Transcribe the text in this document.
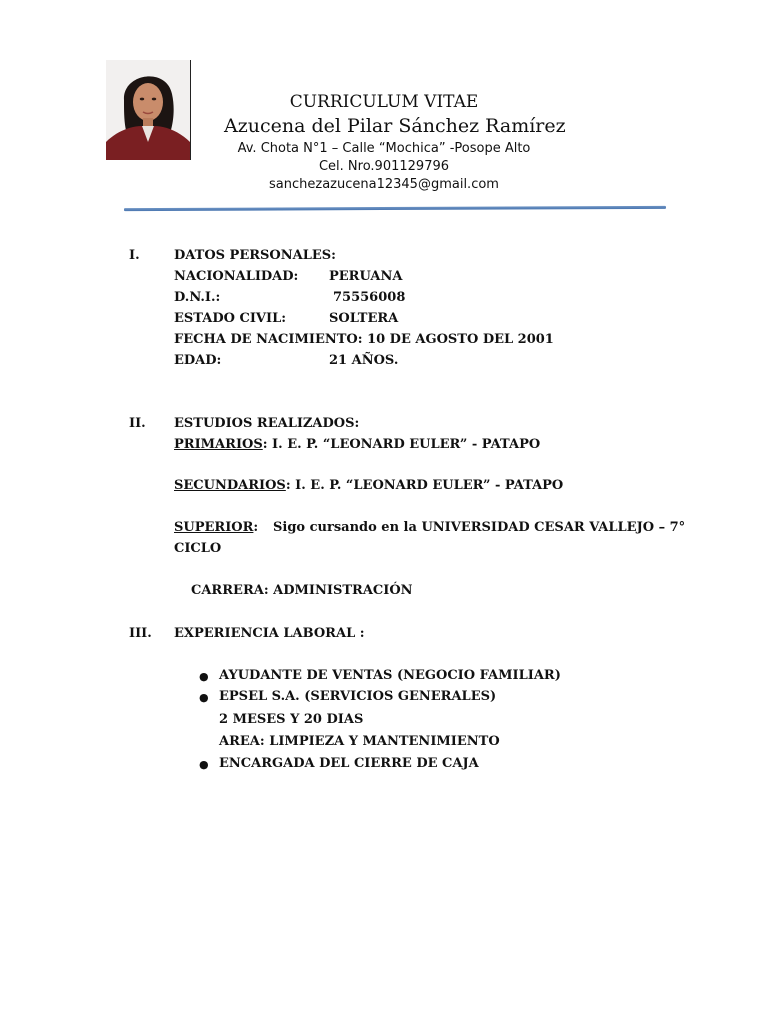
CURRICULUM VITAE
Azucena del Pilar Sánchez Ramírez
Av. Chota N°1 – Calle “Mochica” -Posope Alto
Cel. Nro.901129796
sanchezazucena12345@gmail.com
I.	DATOS PERSONALES:
NACIONALIDAD: PERUANA
D.N.I.:	75556008
ESTADO CIVIL:	SOLTERA
FECHA DE NACIMIENTO: 10 DE AGOSTO DEL 2001
EDAD:	21 AÑOS.
II. ESTUDIOS REALIZADOS:
PRIMARIOS: I. E. P. “LEONARD EULER” - PATAPO
SECUNDARIOS: I. E. P. “LEONARD EULER” - PATAPO
SUPERIOR: Sigo cursando en la UNIVERSIDAD CESAR VALLEJO – 7°
CICLO
CARRERA: ADMINISTRACIÓN
III. EXPERIENCIA LABORAL :
● AYUDANTE DE VENTAS (NEGOCIO FAMILIAR)
● EPSEL S.A. (SERVICIOS GENERALES)
2 MESES Y 20 DIAS
AREA: LIMPIEZA Y MANTENIMIENTO
● ENCARGADA DEL CIERRE DE CAJA
